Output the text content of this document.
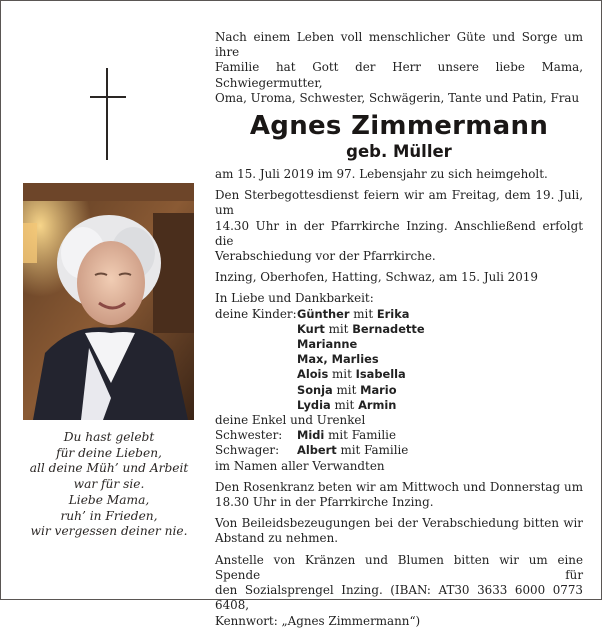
Du hast gelebt
für deine Lieben,
all deine Müh’ und Arbeit
war für sie.
Liebe Mama,
ruh’ in Frieden,
wir vergessen deiner nie.
Nach einem Leben voll menschlicher Güte und Sorge um ihre
Familie hat Gott der Herr unsere liebe Mama, Schwiegermutter,
Oma, Uroma, Schwester, Schwägerin, Tante und Patin, Frau
Agnes Zimmermann
geb. Müller
am 15. Juli 2019 im 97. Lebensjahr zu sich heimgeholt.
Den Sterbegottesdienst feiern wir am Freitag, dem 19. Juli, um
14.30 Uhr in der Pfarrkirche Inzing. Anschließend erfolgt die
Verabschiedung vor der Pfarrkirche.
Inzing, Oberhofen, Hatting, Schwaz, am 15. Juli 2019
In Liebe und Dankbarkeit:
deine Kinder: Günther mit Erika
Kurt mit Bernadette
Marianne
Max, Marlies
Alois mit Isabella
Sonja mit Mario
Lydia mit Armin
deine Enkel und Urenkel
Schwester:	Midi mit Familie
Schwager:	Albert mit Familie
im Namen aller Verwandten
Den Rosenkranz beten wir am Mittwoch und Donnerstag um
18.30 Uhr in der Pfarrkirche Inzing.
Von Beileidsbezeugungen bei der Verabschiedung bitten wir
Abstand zu nehmen.
Anstelle von Kränzen und Blumen bitten wir um eine Spende für
den Sozialsprengel Inzing. (IBAN: AT30 3633 6000 0773 6408,
Kennwort: „Agnes Zimmermann“)
